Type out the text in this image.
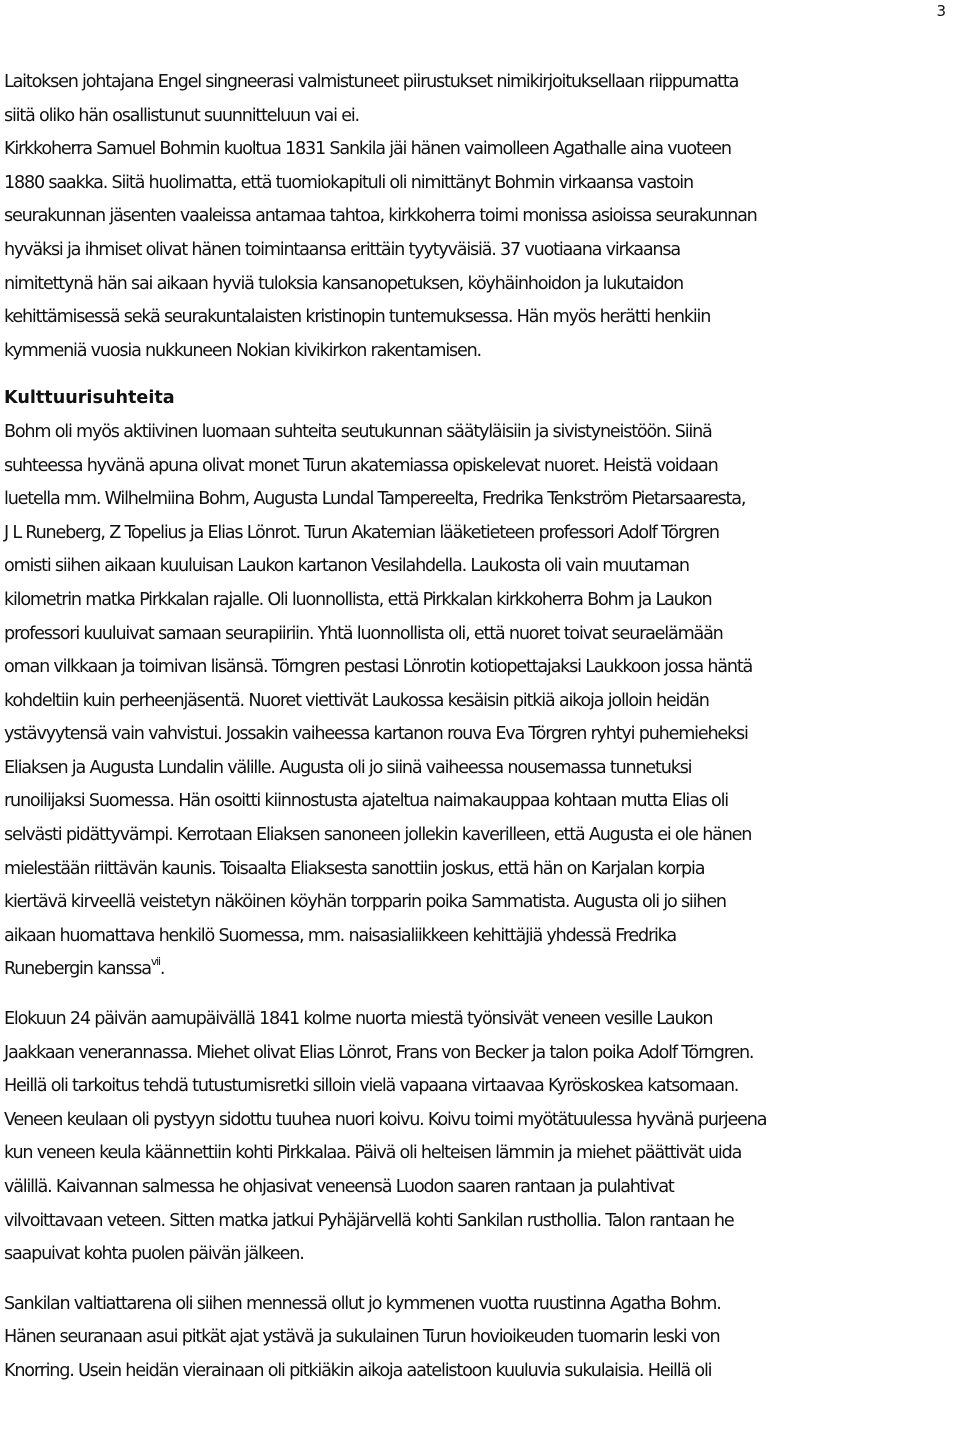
3

Laitoksen johtajana Engel singneerasi valmistuneet piirustukset nimikirjoituksellaan riippumatta
siitä oliko hän osallistunut suunnitteluun vai ei.

Kirkkoherra Samuel Bohmin kuoltua 1831 Sankila jäi hänen vaimolleen Agathalle aina vuoteen
1880 saakka. Siitä huolimatta, että tuomiokapituli oli nimittänyt Bohmin virkaansa vastoin
seurakunnan jäsenten vaaleissa antamaa tahtoa, kirkkoherra toimi monissa asioissa seurakunnan
hyväksi ja ihmiset olivat hänen toimintaansa erittäin tyytyväisiä. 37 vuotiaana virkaansa
nimitettynä hän sai aikaan hyviä tuloksia kansanopetuksen, köyhäinhoidon ja lukutaidon
kehittämisessä sekä seurakuntalaisten kristinopin tuntemuksessa. Hän myös herätti henkiin
kymmeniä vuosia nukkuneen Nokian kivikirkon rakentamisen.

Kulttuurisuhteita

Bohm oli myös aktiivinen luomaan suhteita seutukunnan säätyläisiin ja sivistyneistöön. Siinä
suhteessa hyvänä apuna olivat monet Turun akatemiassa opiskelevat nuoret. Heistä voidaan
luetella mm. Wilhelmiina Bohm, Augusta Lundal Tampereelta, Fredrika Tenkström Pietarsaaresta,
J L Runeberg, Z Topelius ja Elias Lönrot. Turun Akatemian lääketieteen professori Adolf Törgren
omisti siihen aikaan kuuluisan Laukon kartanon Vesilahdella. Laukosta oli vain muutaman
kilometrin matka Pirkkalan rajalle. Oli luonnollista, että Pirkkalan kirkkoherra Bohm ja Laukon
professori kuuluivat samaan seurapiiriin. Yhtä luonnollista oli, että nuoret toivat seuraelämään
oman vilkkaan ja toimivan lisänsä. Törngren pestasi Lönrotin kotiopettajaksi Laukkoon jossa häntä
kohdeltiin kuin perheenjäsentä. Nuoret viettivät Laukossa kesäisin pitkiä aikoja jolloin heidän
ystävyytensä vain vahvistui. Jossakin vaiheessa kartanon rouva Eva Törgren ryhtyi puhemieheksi
Eliaksen ja Augusta Lundalin välille. Augusta oli jo siinä vaiheessa nousemassa tunnetuksi
runoilijaksi Suomessa. Hän osoitti kiinnostusta ajateltua naimakauppaa kohtaan mutta Elias oli
selvästi pidättyvämpi. Kerrotaan Eliaksen sanoneen jollekin kaverilleen, että Augusta ei ole hänen
mielestään riittävän kaunis. Toisaalta Eliaksesta sanottiin joskus, että hän on Karjalan korpia
kiertävä kirveellä veistetyn näköinen köyhän torpparin poika Sammatista. Augusta oli jo siihen
aikaan huomattava henkilö Suomessa, mm. naisasialiikkeen kehittäjiä yhdessä Fredrika
Runebergin kanssa$^{vii}$.

Elokuun 24 päivän aamupäivällä 1841 kolme nuorta miestä työnsivät veneen vesille Laukon
Jaakkaan venerannassa. Miehet olivat Elias Lönrot, Frans von Becker ja talon poika Adolf Törngren.
Heillä oli tarkoitus tehdä tutustumisretki silloin vielä vapaana virtaavaa Kyröskoskea katsomaan.
Veneen keulaan oli pystyyn sidottu tuuhea nuori koivu. Koivu toimi myötätuulessa hyvänä purjeena
kun veneen keula käännettiin kohti Pirkkalaa. Päivä oli helteisen lämmin ja miehet päättivät uida
välillä. Kaivannan salmessa he ohjasivat veneensä Luodon saaren rantaan ja pulahtivat
vilvoittavaan veteen. Sitten matka jatkui Pyhäjärvellä kohti Sankilan rusthollia. Talon rantaan he
saapuivat kohta puolen päivän jälkeen.

Sankilan valtiattarena oli siihen mennessä ollut jo kymmenen vuotta ruustinna Agatha Bohm.
Hänen seuranaan asui pitkät ajat ystävä ja sukulainen Turun hovioikeuden tuomarin leski von
Knorring. Usein heidän vierainaan oli pitkiäkin aikoja aatelistoon kuuluvia sukulaisia. Heillä oli
